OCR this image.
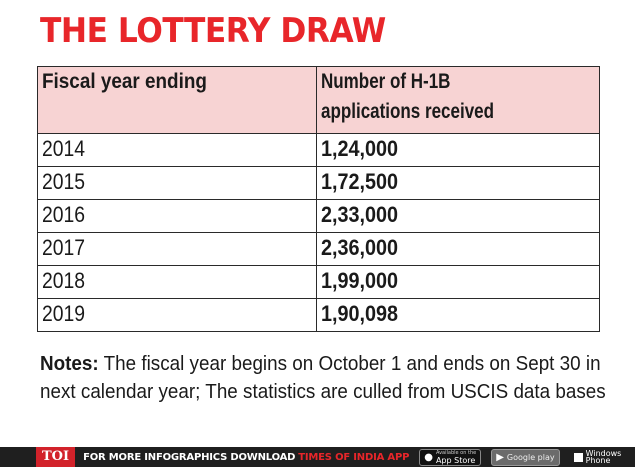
THE LOTTERY DRAW
Fiscal year ending	Number of H-1B
applications received
2014	1,24,000
2015	1,72,500
2016	2,33,000
2017	2,36,000
2018	1,99,000
2019	1,90,098
Notes: The fiscal year begins on October 1 and ends on Sept 30 in next calendar year; The statistics are culled from USCIS data bases
TOI	FOR MORE INFOGRAPHICS DOWNLOAD TIMES OF INDIA APP ● Available on the
App Store ▶ Google play	Windows
Phone
